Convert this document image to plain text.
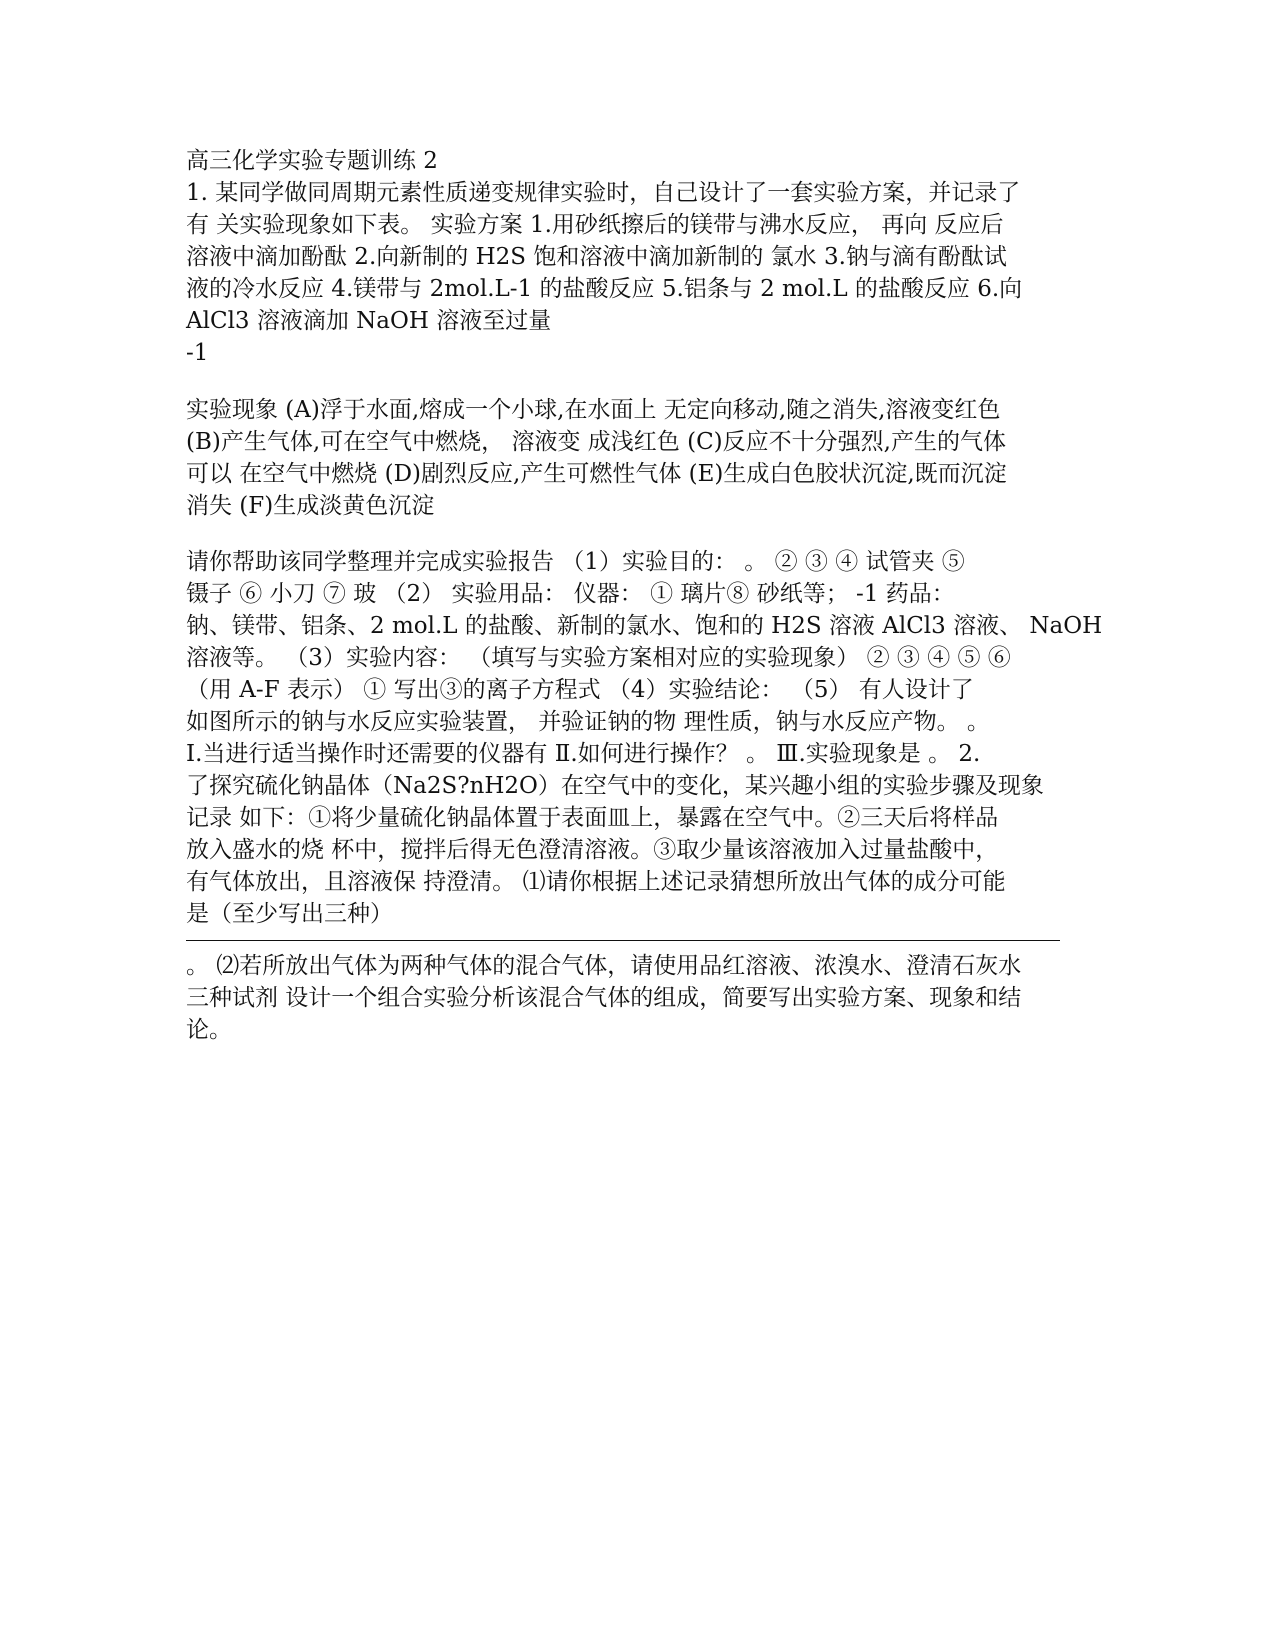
高三化学实验专题训练 2
1. 某同学做同周期元素性质递变规律实验时，自己设计了一套实验方案，并记录了
有 关实验现象如下表。 实验方案 1.用砂纸擦后的镁带与沸水反应， 再向 反应后
溶液中滴加酚酞 2.向新制的 H2S 饱和溶液中滴加新制的 氯水 3.钠与滴有酚酞试
液的冷水反应 4.镁带与 2mol.L-1 的盐酸反应 5.铝条与 2 mol.L 的盐酸反应 6.向
AlCl3 溶液滴加 NaOH 溶液至过量
-1
实验现象 (A)浮于水面,熔成一个小球,在水面上 无定向移动,随之消失,溶液变红色
(B)产生气体,可在空气中燃烧， 溶液变 成浅红色 (C)反应不十分强烈,产生的气体
可以 在空气中燃烧 (D)剧烈反应,产生可燃性气体 (E)生成白色胶状沉淀,既而沉淀
消失 (F)生成淡黄色沉淀
请你帮助该同学整理并完成实验报告 （1）实验目的： 。 ② ③ ④ 试管夹 ⑤
镊子 ⑥ 小刀 ⑦ 玻 （2） 实验用品： 仪器： ① 璃片⑧ 砂纸等； -1 药品：
钠、镁带、铝条、2 mol.L 的盐酸、新制的氯水、饱和的 H2S 溶液 AlCl3 溶液、 NaOH
溶液等。 （3）实验内容： （填写与实验方案相对应的实验现象） ② ③ ④ ⑤ ⑥
（用 A-F 表示） ① 写出③的离子方程式 （4）实验结论： （5） 有人设计了
如图所示的钠与水反应实验装置， 并验证钠的物 理性质，钠与水反应产物。 。
Ⅰ.当进行适当操作时还需要的仪器有 Ⅱ.如何进行操作？ 。 Ⅲ.实验现象是 。 2.
了探究硫化钠晶体（Na2S?nH2O）在空气中的变化，某兴趣小组的实验步骤及现象
记录 如下：①将少量硫化钠晶体置于表面皿上，暴露在空气中。②三天后将样品
放入盛水的烧 杯中，搅拌后得无色澄清溶液。③取少量该溶液加入过量盐酸中，
有气体放出，且溶液保 持澄清。 ⑴请你根据上述记录猜想所放出气体的成分可能
是（至少写出三种）
。 ⑵若所放出气体为两种气体的混合气体，请使用品红溶液、浓溴水、澄清石灰水
三种试剂 设计一个组合实验分析该混合气体的组成，简要写出实验方案、现象和结
论。
